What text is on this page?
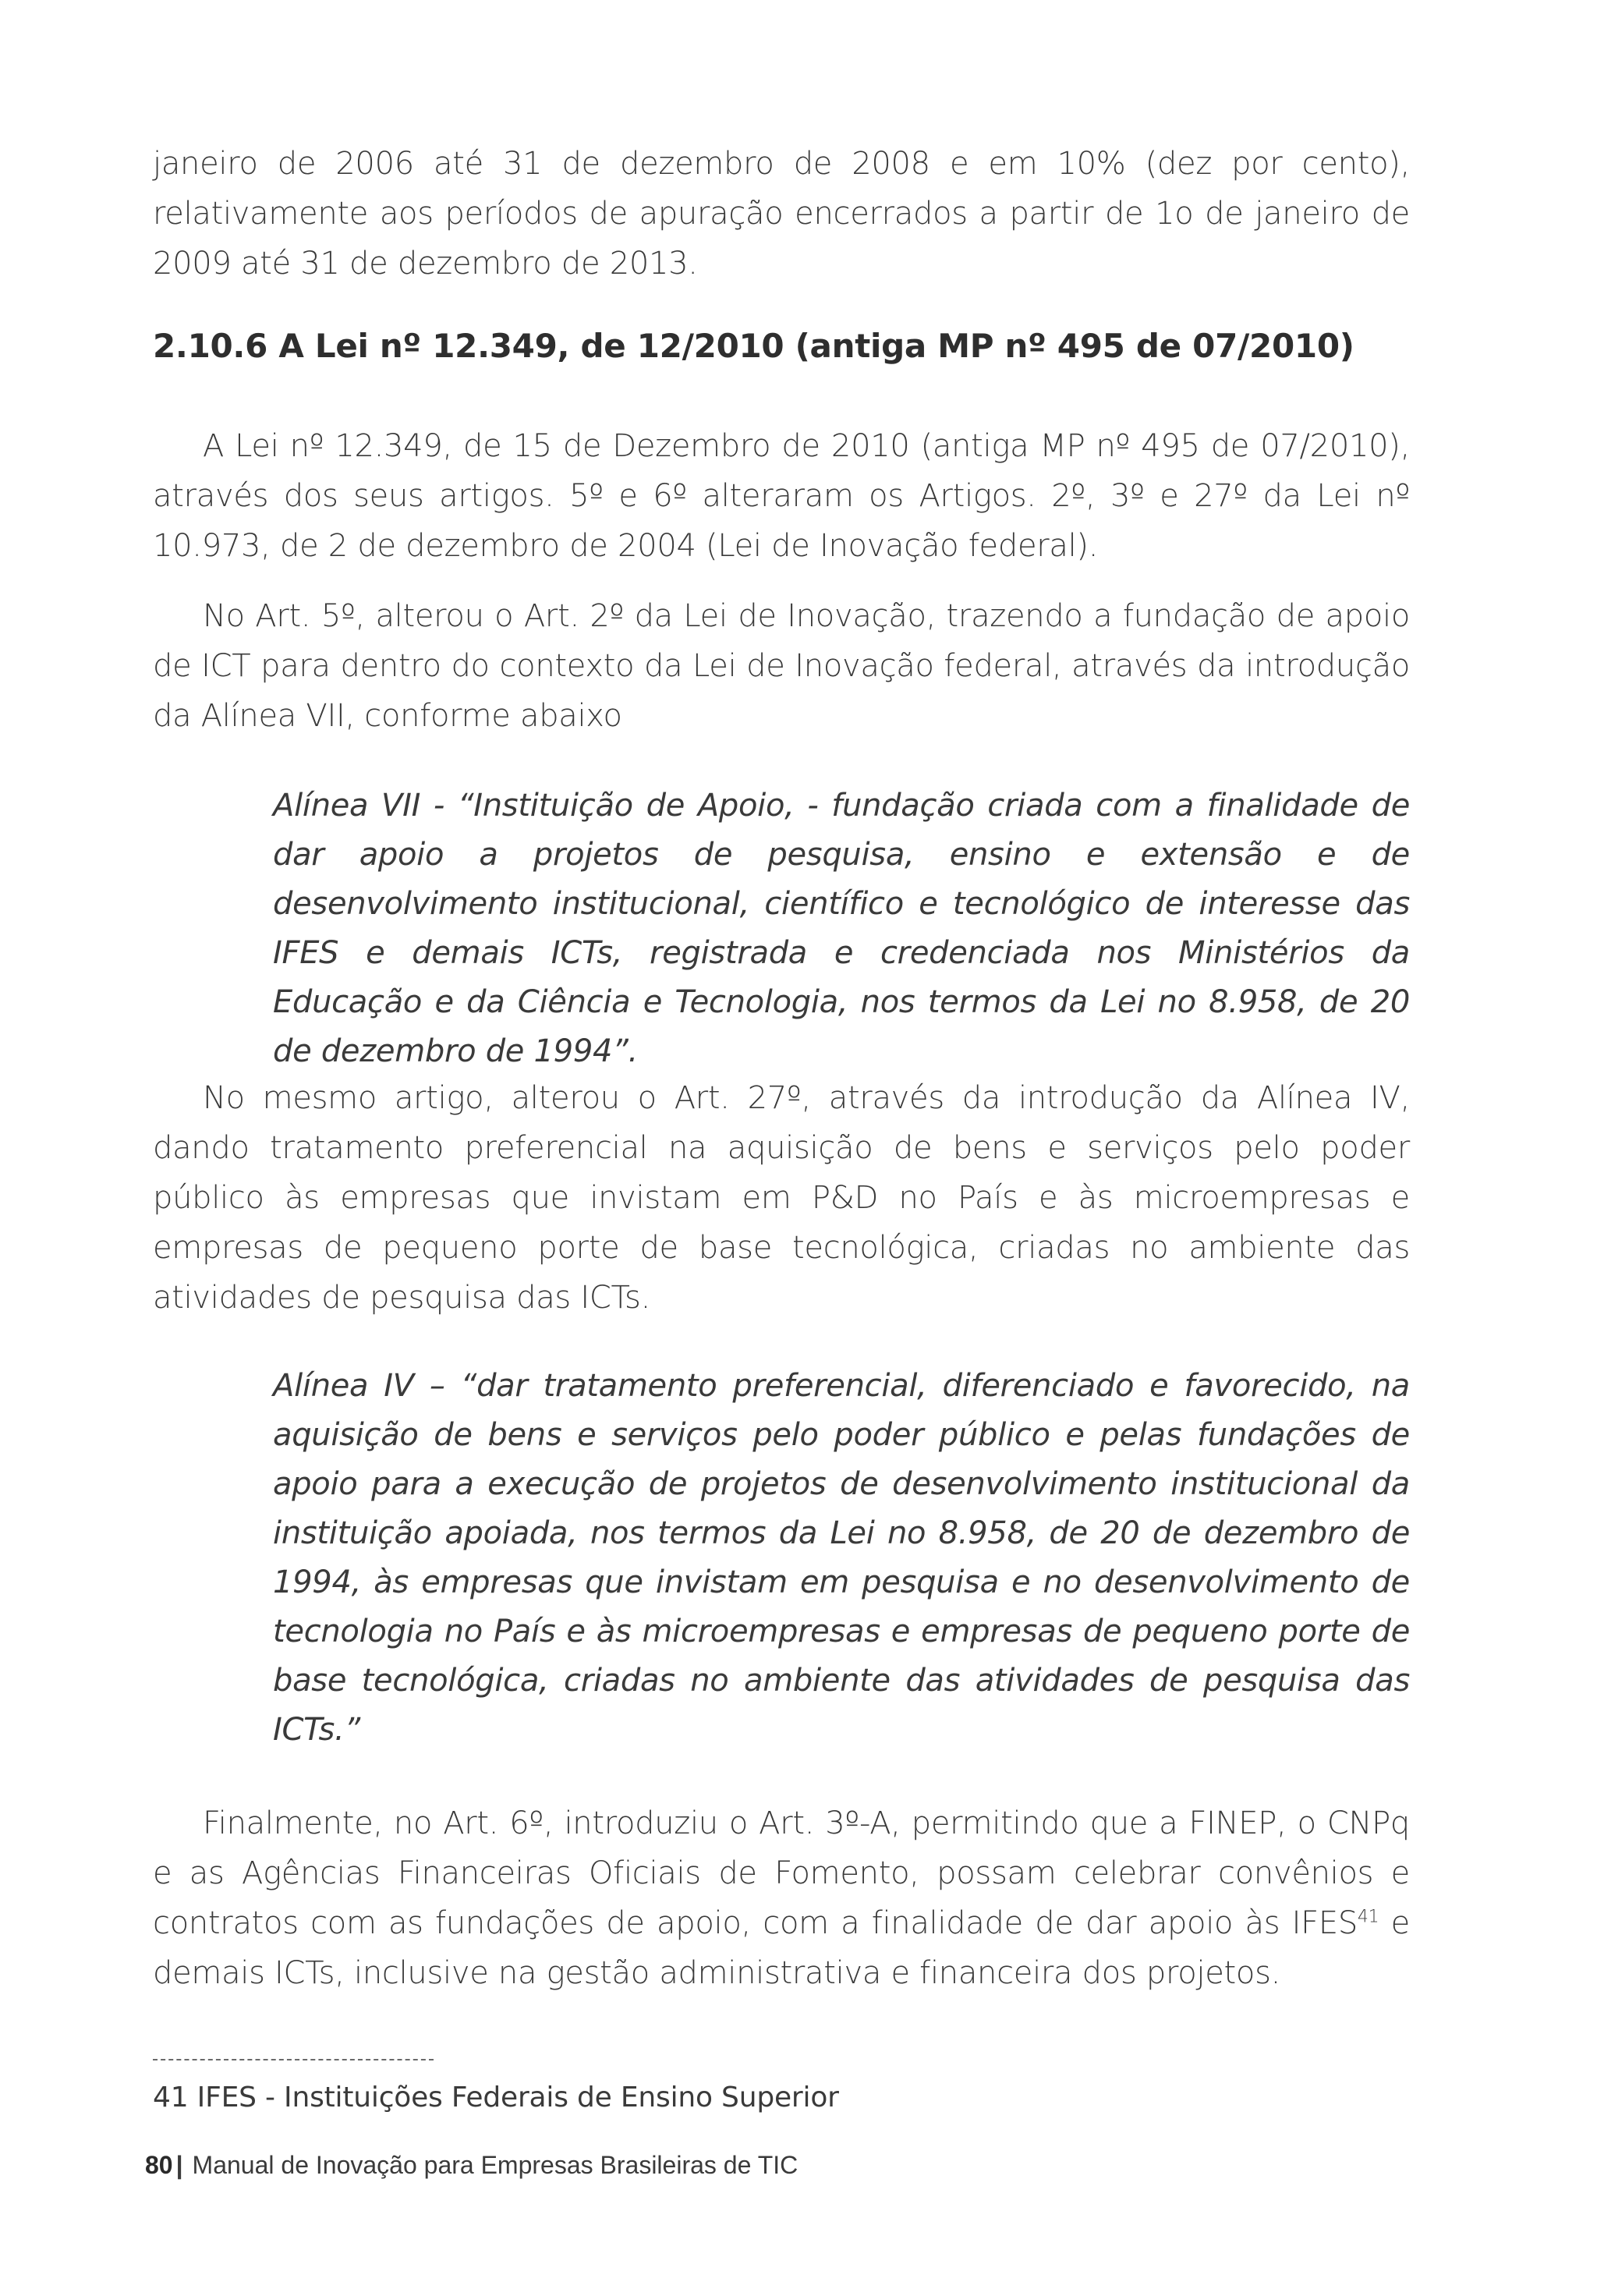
janeiro de 2006 até 31 de dezembro de 2008 e em 10% (dez por cento), relativamente aos períodos de apuração encerrados a partir de 1o de janeiro de 2009 até 31 de dezembro de 2013.

2.10.6 A Lei nº 12.349, de 12/2010 (antiga MP nº 495 de 07/2010)

A Lei nº 12.349, de 15 de Dezembro de 2010 (antiga MP nº 495 de 07/2010), através dos seus artigos. 5º e 6º alteraram os Artigos. 2º, 3º e 27º da Lei nº 10.973, de 2 de dezembro de 2004 (Lei de Inovação federal).

No Art. 5º, alterou o Art. 2º da Lei de Inovação, trazendo a fundação de apoio de ICT para dentro do contexto da Lei de Inovação federal, através da introdução da Alínea VII, conforme abaixo

Alínea VII - “Instituição de Apoio, - fundação criada com a finalidade de dar apoio a projetos de pesquisa, ensino e extensão e de desenvolvimento institucional, científico e tecnológico de interesse das IFES e demais ICTs, registrada e credenciada nos Ministérios da Educação e da Ciência e Tecnologia, nos termos da Lei no 8.958, de 20 de dezembro de 1994”.

No mesmo artigo, alterou o Art. 27º, através da introdução da Alínea IV, dando tratamento preferencial na aquisição de bens e serviços pelo poder público às empresas que invistam em P&D no País e às microempresas e empresas de pequeno porte de base tecnológica, criadas no ambiente das atividades de pesquisa das ICTs.

Alínea IV – “dar tratamento preferencial, diferenciado e favorecido, na aquisição de bens e serviços pelo poder público e pelas fundações de apoio para a execução de projetos de desenvolvimento institucional da instituição apoiada, nos termos da Lei no 8.958, de 20 de dezembro de 1994, às empresas que invistam em pesquisa e no desenvolvimento de tecnologia no País e às microempresas e empresas de pequeno porte de base tecnológica, criadas no ambiente das atividades de pesquisa das ICTs.”

Finalmente, no Art. 6º, introduziu o Art. 3º-A, permitindo que a FINEP, o CNPq e as Agências Financeiras Oficiais de Fomento, possam celebrar convênios e contratos com as fundações de apoio, com a finalidade de dar apoio às IFES$^{41}$ e demais ICTs, inclusive na gestão administrativa e financeira dos projetos.

41 IFES - Instituições Federais de Ensino Superior

80 | Manual de Inovação para Empresas Brasileiras de TIC
